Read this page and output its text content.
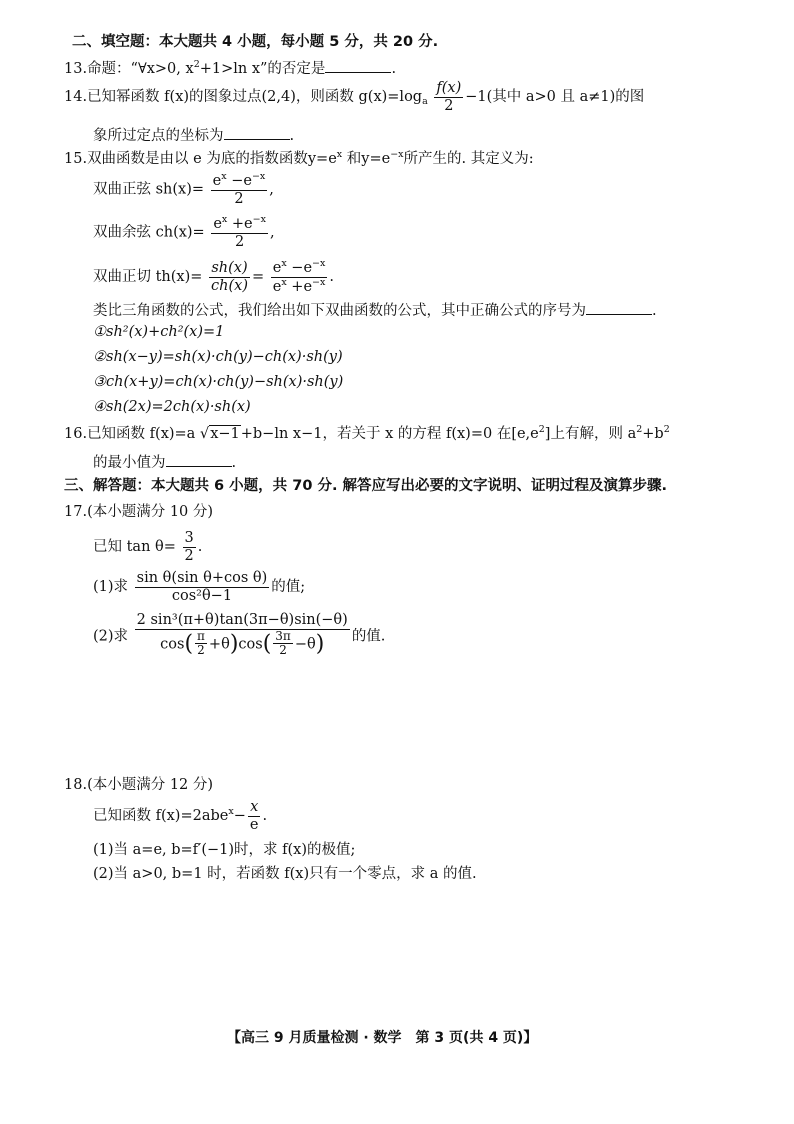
二、填空题：本大题共 4 小题，每小题 5 分，共 20 分.
13.命题：“∀x>0, $x^2+1>\ln$ x”的否定是	.
14.已知幂函数 f(x)的图象过点(2,4)，则函数 $g(x)=\log_a \frac{f(x)}{2} -1$(其中 a>0 且 a≠1)的图
象所过定点的坐标为	.
15.双曲函数是由以 e 为底的指数函数$y=e^x$ 和$y=e^{-x}$所产生的. 其定义为:
双曲正弦 $sh(x)= \frac{e^x -e^{-x}}{2}$ ,
双曲余弦 $ch(x)= \frac{e^x +e^{-x}}{2}$ ,
双曲正切 $th(x)= \frac{sh(x)}{ch(x)} = \frac{e^x -e^{-x}}{e^x +e^{-x}}$ .
类比三角函数的公式，我们给出如下双曲函数的公式，其中正确公式的序号为	.
①sh²(x)+ch²(x)=1
②sh(x−y)=sh(x)·ch(y)−ch(x)·sh(y)
③ch(x+y)=ch(x)·ch(y)−sh(x)·sh(y)
④sh(2x)=2ch(x)·sh(x)
16.已知函数 f(x)=a √x−1+b−ln x−1，若关于 x 的方程 f(x)=0 在$[e,e^2]$上有解，则 $a^2+b^2$
的最小值为	.
三、解答题：本大题共 6 小题，共 70 分. 解答应写出必要的文字说明、证明过程及演算步骤.
17.(本小题满分 10 分)
已知 $\tan \theta= \frac{3}{2}$ .
(1)求 $\frac{\text{sin θ(sin θ+cos θ)}}{\text{cos²θ−1}}$ 的值;
(2)求 $\frac{\text{2 sin³(π+θ)tan(3π−θ)sin(−θ)}}{\cos( \frac{\pi}{2} +\theta)\cos( \frac{3\pi}{2} -\theta)}$ 的值.
18.(本小题满分 12 分)
已知函数 $f(x)=2abe^x- \frac{x}{e}$ .
(1)当 a=e, b=f′(−1)时，求 f(x)的极值;
(2)当 a>0, b=1 时，若函数 f(x)只有一个零点，求 a 的值.
【高三 9 月质量检测 · 数学　第 3 页(共 4 页)】
